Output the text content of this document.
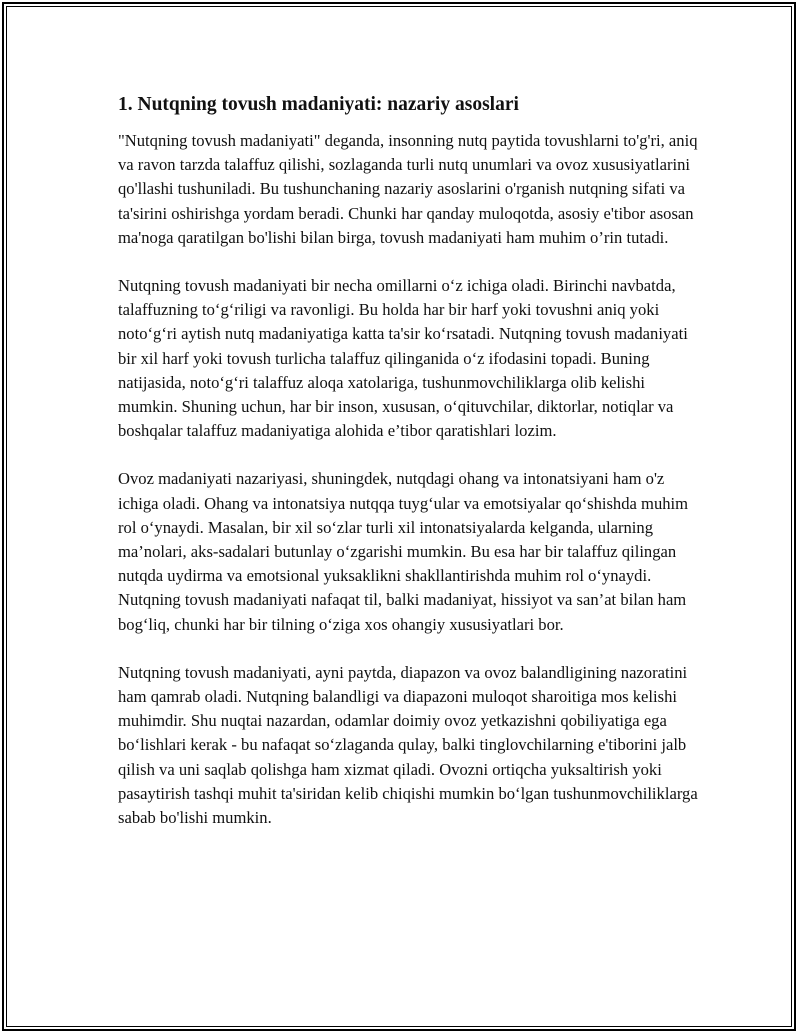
1. Nutqning tovush madaniyati: nazariy asoslari

"Nutqning tovush madaniyati" deganda, insonning nutq paytida tovushlarni to'g'ri, aniq va ravon tarzda talaffuz qilishi, sozlaganda turli nutq unumlari va ovoz xususiyatlarini qo'llashi tushuniladi. Bu tushunchaning nazariy asoslarini o'rganish nutqning sifati va ta'sirini oshirishga yordam beradi. Chunki har qanday muloqotda, asosiy e'tibor asosan ma'noga qaratilgan bo'lishi bilan birga, tovush madaniyati ham muhim o’rin tutadi.

Nutqning tovush madaniyati bir necha omillarni o‘z ichiga oladi. Birinchi navbatda, talaffuzning to‘g‘riligi va ravonligi. Bu holda har bir harf yoki tovushni aniq yoki noto‘g‘ri aytish nutq madaniyatiga katta ta'sir ko‘rsatadi. Nutqning tovush madaniyati bir xil harf yoki tovush turlicha talaffuz qilinganida o‘z ifodasini topadi. Buning natijasida, noto‘g‘ri talaffuz aloqa xatolariga, tushunmovchiliklarga olib kelishi mumkin. Shuning uchun, har bir inson, xususan, o‘qituvchilar, diktorlar, notiqlar va boshqalar talaffuz madaniyatiga alohida e’tibor qaratishlari lozim.

Ovoz madaniyati nazariyasi, shuningdek, nutqdagi ohang va intonatsiyani ham o'z ichiga oladi. Ohang va intonatsiya nutqqa tuyg‘ular va emotsiyalar qo‘shishda muhim rol o‘ynaydi. Masalan, bir xil so‘zlar turli xil intonatsiyalarda kelganda, ularning ma’nolari, aks-sadalari butunlay o‘zgarishi mumkin. Bu esa har bir talaffuz qilingan nutqda uydirma va emotsional yuksaklikni shakllantirishda muhim rol o‘ynaydi. Nutqning tovush madaniyati nafaqat til, balki madaniyat, hissiyot va san’at bilan ham bog‘liq, chunki har bir tilning o‘ziga xos ohangiy xususiyatlari bor.

Nutqning tovush madaniyati, ayni paytda, diapazon va ovoz balandligining nazoratini ham qamrab oladi. Nutqning balandligi va diapazoni muloqot sharoitiga mos kelishi muhimdir. Shu nuqtai nazardan, odamlar doimiy ovoz yetkazishni qobiliyatiga ega bo‘lishlari kerak - bu nafaqat so‘zlaganda qulay, balki tinglovchilarning e'tiborini jalb qilish va uni saqlab qolishga ham xizmat qiladi. Ovozni ortiqcha yuksaltirish yoki pasaytirish tashqi muhit ta'siridan kelib chiqishi mumkin bo‘lgan tushunmovchiliklarga sabab bo'lishi mumkin.
